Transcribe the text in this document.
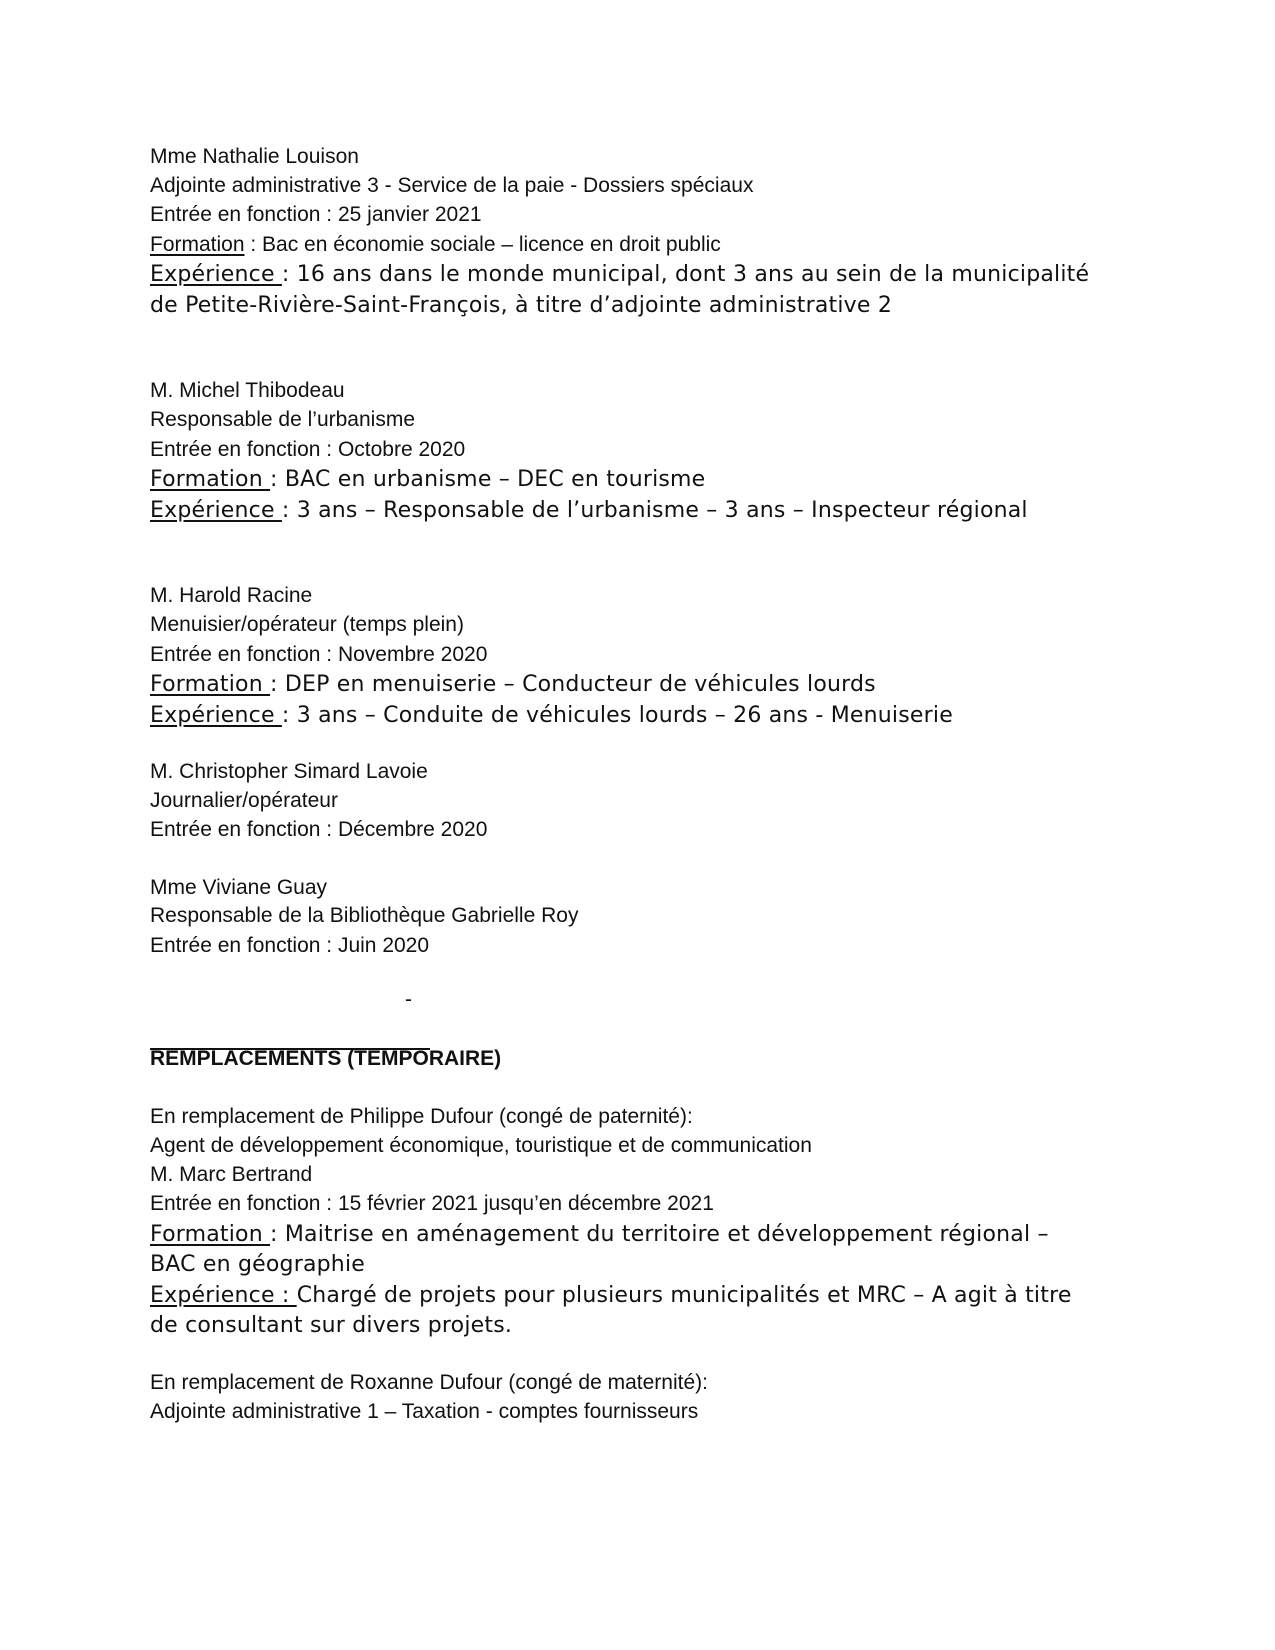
Mme Nathalie Louison
Adjointe administrative 3 - Service de la paie - Dossiers spéciaux
Entrée en fonction : 25 janvier 2021
Formation : Bac en économie sociale – licence en droit public
Expérience : 16 ans dans le monde municipal, dont 3 ans au sein de la municipalité
de Petite-Rivière-Saint-François, à titre d’adjointe administrative 2
M. Michel Thibodeau
Responsable de l’urbanisme
Entrée en fonction : Octobre 2020
Formation : BAC en urbanisme – DEC en tourisme
Expérience : 3 ans – Responsable de l’urbanisme – 3 ans – Inspecteur régional
M. Harold Racine
Menuisier/opérateur (temps plein)
Entrée en fonction : Novembre 2020
Formation : DEP en menuiserie – Conducteur de véhicules lourds
Expérience : 3 ans – Conduite de véhicules lourds – 26 ans - Menuiserie
M. Christopher Simard Lavoie
Journalier/opérateur
Entrée en fonction : Décembre 2020
Mme Viviane Guay
Responsable de la Bibliothèque Gabrielle Roy
Entrée en fonction : Juin 2020
-
REMPLACEMENTS (TEMPORAIRE)
En remplacement de Philippe Dufour (congé de paternité):
Agent de développement économique, touristique et de communication
M. Marc Bertrand
Entrée en fonction : 15 février 2021 jusqu’en décembre 2021
Formation : Maitrise en aménagement du territoire et développement régional –
BAC en géographie
Expérience : Chargé de projets pour plusieurs municipalités et MRC – A agit à titre
de consultant sur divers projets.
En remplacement de Roxanne Dufour (congé de maternité):
Adjointe administrative 1 – Taxation - comptes fournisseurs
